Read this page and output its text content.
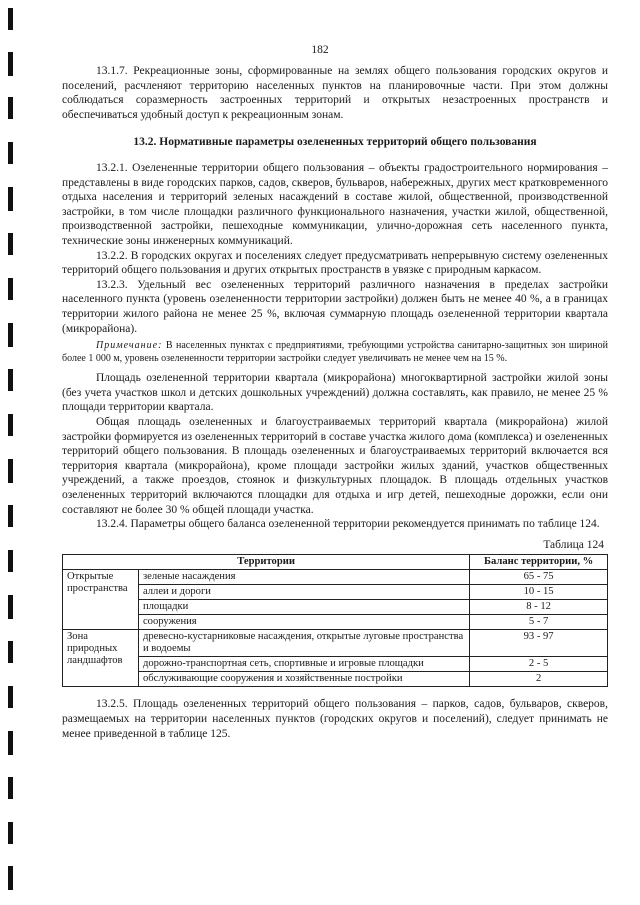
182

13.1.7. Рекреационные зоны, сформированные на землях общего пользования городских округов и поселений, расчленяют территорию населенных пунктов на планировочные части. При этом должны соблюдаться соразмерность застроенных территорий и открытых незастроенных пространств и обеспечиваться удобный доступ к рекреационным зонам.

13.2. Нормативные параметры озелененных территорий общего пользования

13.2.1. Озелененные территории общего пользования – объекты градостроительного нормирования – представлены в виде городских парков, садов, скверов, бульваров, набережных, других мест кратковременного отдыха населения и территорий зеленых насаждений в составе жилой, общественной, производственной застройки, в том числе площадки различного функционального назначения, участки жилой, общественной, производственной застройки, пешеходные коммуникации, улично-дорожная сеть населенного пункта, технические зоны инженерных коммуникаций.

13.2.2. В городских округах и поселениях следует предусматривать непрерывную систему озелененных территорий общего пользования и других открытых пространств в увязке с природным каркасом.

13.2.3. Удельный вес озелененных территорий различного назначения в пределах застройки населенного пункта (уровень озелененности территории застройки) должен быть не менее 40 %, а в границах территории жилого района не менее 25 %, включая суммарную площадь озелененной территории квартала (микрорайона).

Примечание: В населенных пунктах с предприятиями, требующими устройства санитарно-защитных зон шириной более 1 000 м, уровень озелененности территории застройки следует увеличивать не менее чем на 15 %.

Площадь озелененной территории квартала (микрорайона) многоквартирной застройки жилой зоны (без учета участков школ и детских дошкольных учреждений) должна составлять, как правило, не менее 25 % площади территории квартала.

Общая площадь озелененных и благоустраиваемых территорий квартала (микрорайона) жилой застройки формируется из озелененных территорий в составе участка жилого дома (комплекса) и озелененных территорий общего пользования. В площадь озелененных и благоустраиваемых территорий включается вся территория квартала (микрорайона), кроме площади застройки жилых зданий, участков общественных учреждений, а также проездов, стоянок и физкультурных площадок. В площадь отдельных участков озелененных территорий включаются площадки для отдыха и игр детей, пешеходные дорожки, если они составляют не более 30 % общей площади участка.

13.2.4. Параметры общего баланса озелененной территории рекомендуется принимать по таблице 124.

Таблица 124
Территории		Баланс территории, %
Открытые пространства	зеленые насаждения	65 - 75
	аллеи и дороги	10 - 15
	площадки	8 - 12
	сооружения	5 - 7
Зона природных ландшафтов	древесно-кустарниковые насаждения, открытые луговые пространства и водоемы	93 - 97
	дорожно-транспортная сеть, спортивные и игровые площадки	2 - 5
	обслуживающие сооружения и хозяйственные постройки	2

13.2.5. Площадь озелененных территорий общего пользования – парков, садов, бульваров, скверов, размещаемых на территории населенных пунктов (городских округов и поселений), следует принимать не менее приведенной в таблице 125.
